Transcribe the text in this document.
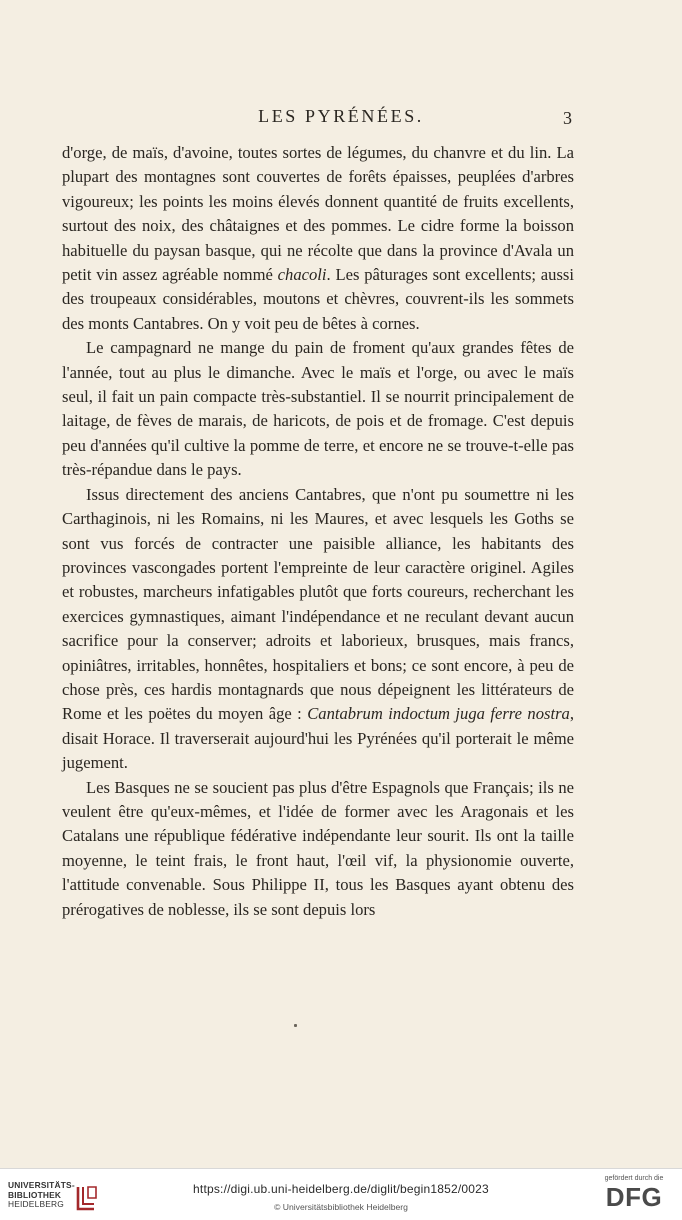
LES PYRÉNÉES.	3

d'orge, de maïs, d'avoine, toutes sortes de légumes, du chanvre et du lin. La plupart des montagnes sont couvertes de forêts épaisses, peuplées d'arbres vigoureux; les points les moins élevés donnent quantité de fruits excellents, surtout des noix, des châtaignes et des pommes. Le cidre forme la boisson habituelle du paysan basque, qui ne récolte que dans la province d'Avala un petit vin assez agréable nommé chacoli. Les pâturages sont excellents; aussi des troupeaux considérables, moutons et chèvres, couvrent-ils les sommets des monts Cantabres. On y voit peu de bêtes à cornes.

Le campagnard ne mange du pain de froment qu'aux grandes fêtes de l'année, tout au plus le dimanche. Avec le maïs et l'orge, ou avec le maïs seul, il fait un pain compacte très-substantiel. Il se nourrit principalement de laitage, de fèves de marais, de haricots, de pois et de fromage. C'est depuis peu d'années qu'il cultive la pomme de terre, et encore ne se trouve-t-elle pas très-répandue dans le pays.

Issus directement des anciens Cantabres, que n'ont pu soumettre ni les Carthaginois, ni les Romains, ni les Maures, et avec lesquels les Goths se sont vus forcés de contracter une paisible alliance, les habitants des provinces vascongades portent l'empreinte de leur caractère originel. Agiles et robustes, marcheurs infatigables plutôt que forts coureurs, recherchant les exercices gymnastiques, aimant l'indépendance et ne reculant devant aucun sacrifice pour la conserver; adroits et laborieux, brusques, mais francs, opiniâtres, irritables, honnêtes, hospitaliers et bons; ce sont encore, à peu de chose près, ces hardis montagnards que nous dépeignent les littérateurs de Rome et les poëtes du moyen âge : Cantabrum indoctum juga ferre nostra, disait Horace. Il traverserait aujourd'hui les Pyrénées qu'il porterait le même jugement.

Les Basques ne se soucient pas plus d'être Espagnols que Français; ils ne veulent être qu'eux-mêmes, et l'idée de former avec les Aragonais et les Catalans une république fédérative indépendante leur sourit. Ils ont la taille moyenne, le teint frais, le front haut, l'œil vif, la physionomie ouverte, l'attitude convenable. Sous Philippe II, tous les Basques ayant obtenu des prérogatives de noblesse, ils se sont depuis lors

UNIVERSITÄTS-
BIBLIOTHEK
HEIDELBERG
https://digi.ub.uni-heidelberg.de/diglit/begin1852/0023
© Universitätsbibliothek Heidelberg
gefördert durch die
DFG
